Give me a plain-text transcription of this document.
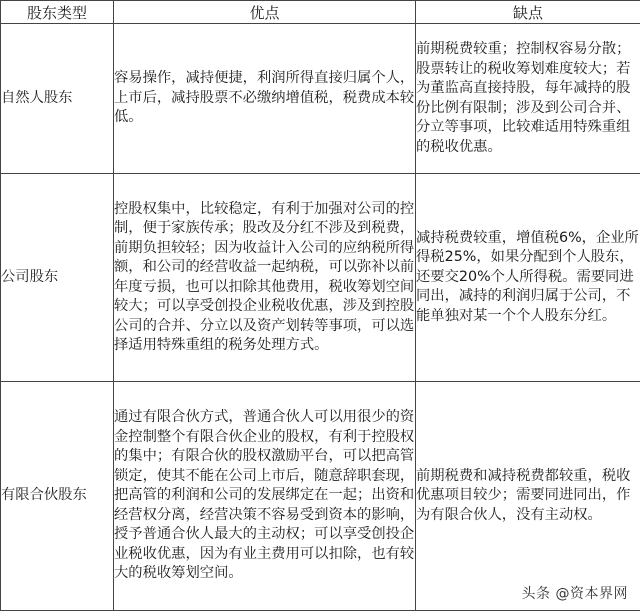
股东类型	优点	缺点
自然人股东	容易操作，减持便捷，利润所得直接归属个人，上市后，减持股票不必缴纳增值税，税费成本较低。	前期税费较重；控制权容易分散；股票转让的税收筹划难度较大；若为董监高直接持股，每年减持的股份比例有限制；涉及到公司合并、分立等事项，比较难适用特殊重组的税收优惠。
公司股东	控股权集中，比较稳定，有利于加强对公司的控制，便于家族传承；股改及分红不涉及到税费，前期负担较轻；因为收益计入公司的应纳税所得额，和公司的经营收益一起纳税，可以弥补以前年度亏损，也可以扣除其他费用，税收筹划空间较大；可以享受创投企业税收优惠，涉及到控股公司的合并、分立以及资产划转等事项，可以选择适用特殊重组的税务处理方式。	减持税费较重，增值税6%，企业所得税25%，如果分配到个人股东，还要交20%个人所得税。需要同进同出，减持的利润归属于公司，不能单独对某一个个人股东分红。
有限合伙股东	通过有限合伙方式，普通合伙人可以用很少的资金控制整个有限合伙企业的股权，有利于控股权的集中；有限合伙的股权激励平台，可以把高管锁定，使其不能在公司上市后，随意辞职套现，把高管的利润和公司的发展绑定在一起；出资和经营权分离，经营决策不容易受到资本的影响，授予普通合伙人最大的主动权；可以享受创投企业税收优惠，因为有业主费用可以扣除，也有较大的税收筹划空间。	前期税费和减持税费都较重，税收优惠项目较少；需要同进同出，作为有限合伙人，没有主动权。
头条 @资本界网
